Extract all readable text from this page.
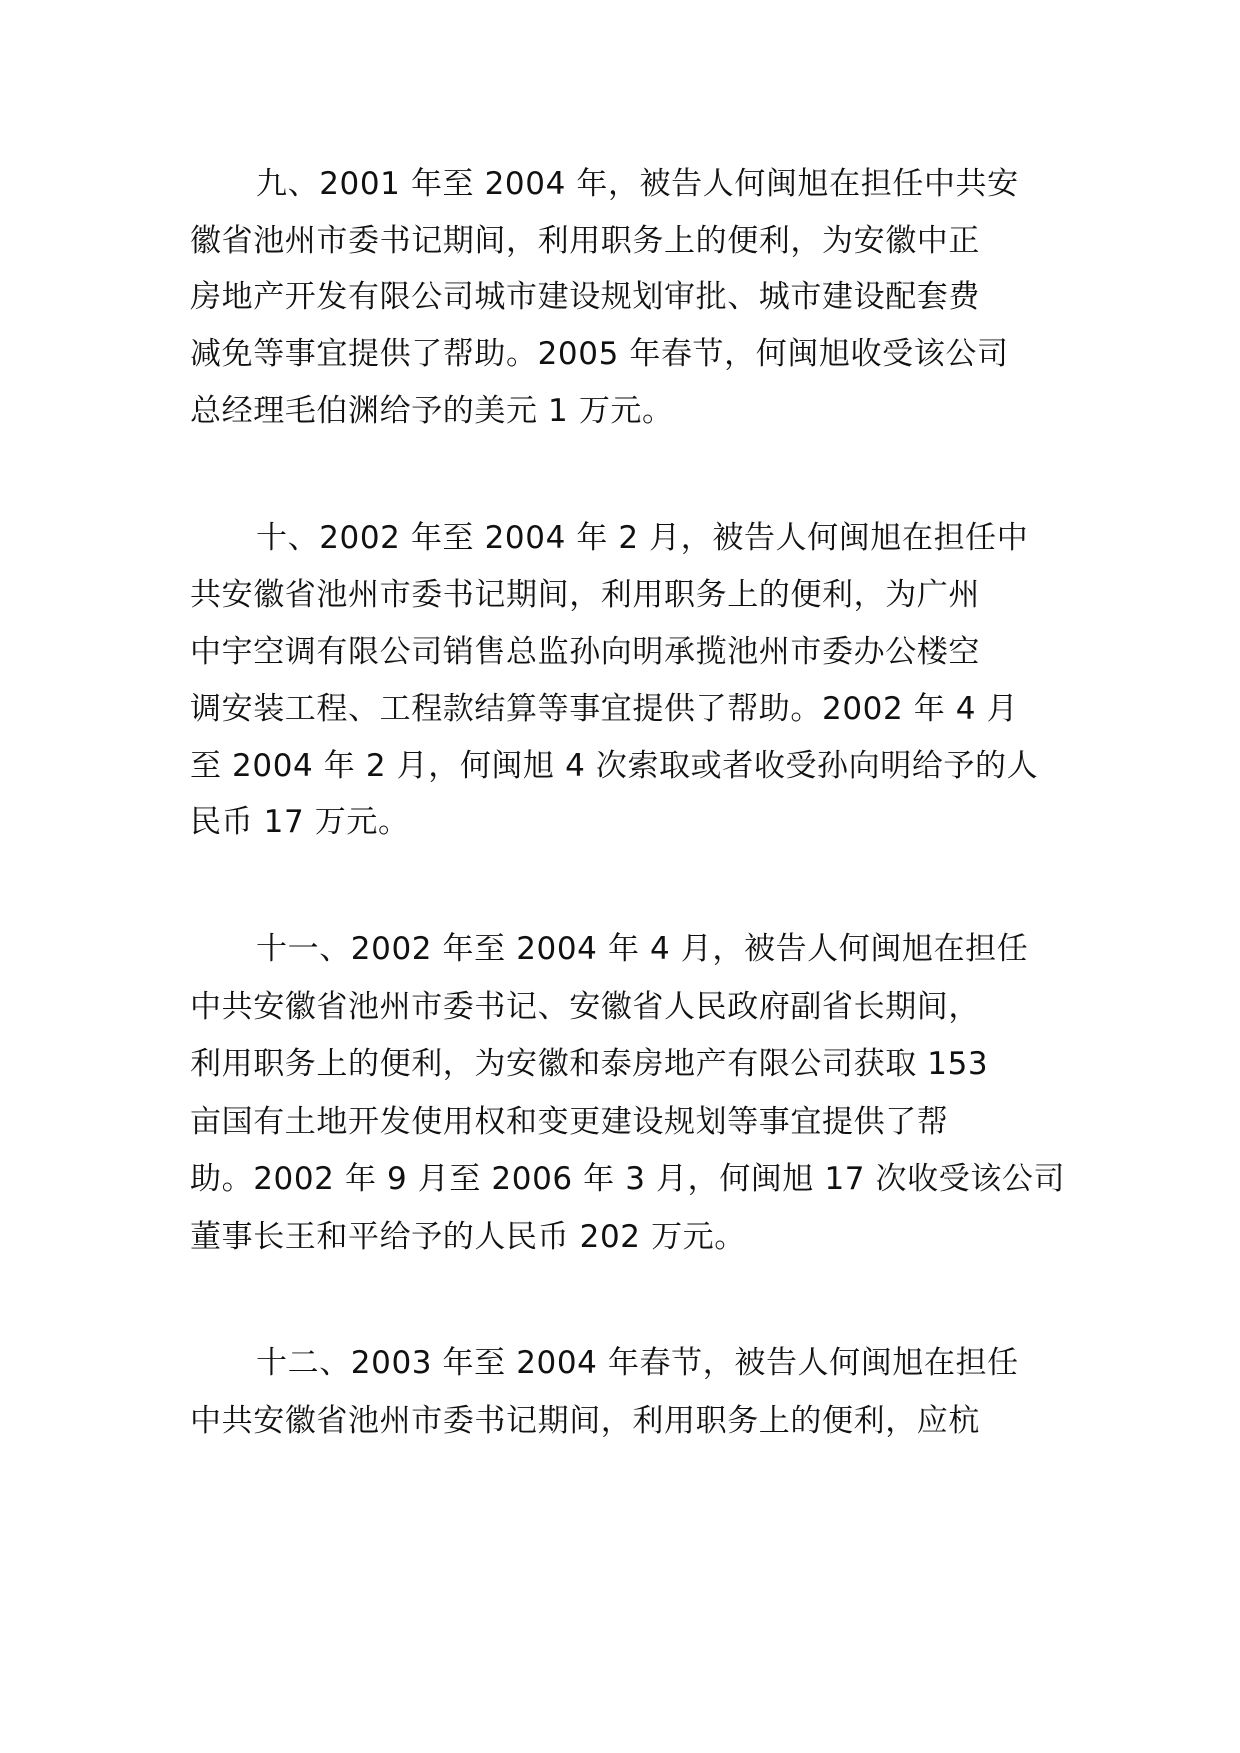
九、2001 年至 2004 年，被告人何闽旭在担任中共安
徽省池州市委书记期间，利用职务上的便利，为安徽中正
房地产开发有限公司城市建设规划审批、城市建设配套费
减免等事宜提供了帮助。2005 年春节，何闽旭收受该公司
总经理毛伯渊给予的美元 1 万元。
十、2002 年至 2004 年 2 月，被告人何闽旭在担任中
共安徽省池州市委书记期间，利用职务上的便利，为广州
中宇空调有限公司销售总监孙向明承揽池州市委办公楼空
调安装工程、工程款结算等事宜提供了帮助。2002 年 4 月
至 2004 年 2 月，何闽旭 4 次索取或者收受孙向明给予的人
民币 17 万元。
十一、2002 年至 2004 年 4 月，被告人何闽旭在担任
中共安徽省池州市委书记、安徽省人民政府副省长期间，
利用职务上的便利，为安徽和泰房地产有限公司获取 153
亩国有土地开发使用权和变更建设规划等事宜提供了帮
助。2002 年 9 月至 2006 年 3 月，何闽旭 17 次收受该公司
董事长王和平给予的人民币 202 万元。
十二、2003 年至 2004 年春节，被告人何闽旭在担任
中共安徽省池州市委书记期间，利用职务上的便利，应杭
